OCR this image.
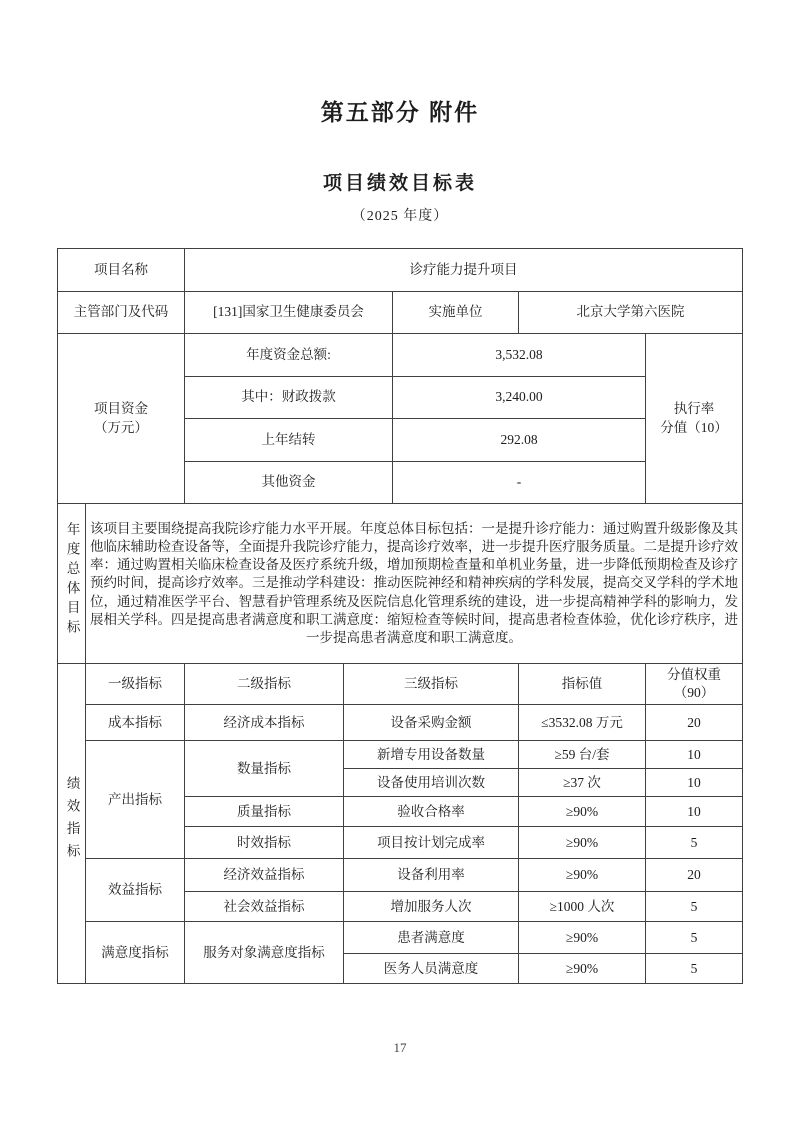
第五部分 附件
项目绩效目标表
（2025 年度）
项目名称		诊疗能力提升项目				
主管部门及代码		[131]国家卫生健康委员会		实施单位	北京大学第六医院	

项目资金
（万元）		年度资金总额:		3,532.08		执行率
分值（10）

		其中：财政拨款		3,240.00		
		上年结转		292.08		
		其他资金		-		
年度总体目标	该项目主要围绕提高我院诊疗能力水平开展。年度总体目标包括：一是提升诊疗能力：通过购置升级影像及其他临床辅助检查设备等，全面提升我院诊疗能力，提高诊疗效率，进一步提升医疗服务质量。二是提升诊疗效率：通过购置相关临床检查设备及医疗系统升级，增加预期检查量和单机业务量，进一步降低预期检查及诊疗预约时间，提高诊疗效率。三是推动学科建设：推动医院神经和精神疾病的学科发展，提高交叉学科的学术地位，通过精准医学平台、智慧看护管理系统及医院信息化管理系统的建设，进一步提高精神学科的影响力，发展相关学科。四是提高患者满意度和职工满意度：缩短检查等候时间，提高患者检查体验，优化诊疗秩序，进一步提高患者满意度和职工满意度。					
绩效指标	一级指标	二级指标	三级指标		指标值	分值权重
（90）

	成本指标	经济成本指标	设备采购金额		≤3532.08 万元	20
	产出指标	数量指标	新增专用设备数量		≥59 台/套	10
			设备使用培训次数		≥37 次	10
		质量指标	验收合格率		≥90%	10
		时效指标	项目按计划完成率		≥90%	5
	效益指标	经济效益指标	设备利用率		≥90%	20
		社会效益指标	增加服务人次		≥1000 人次	5
	满意度指标	服务对象满意度指标	患者满意度		≥90%	5
			医务人员满意度		≥90%	5
17
